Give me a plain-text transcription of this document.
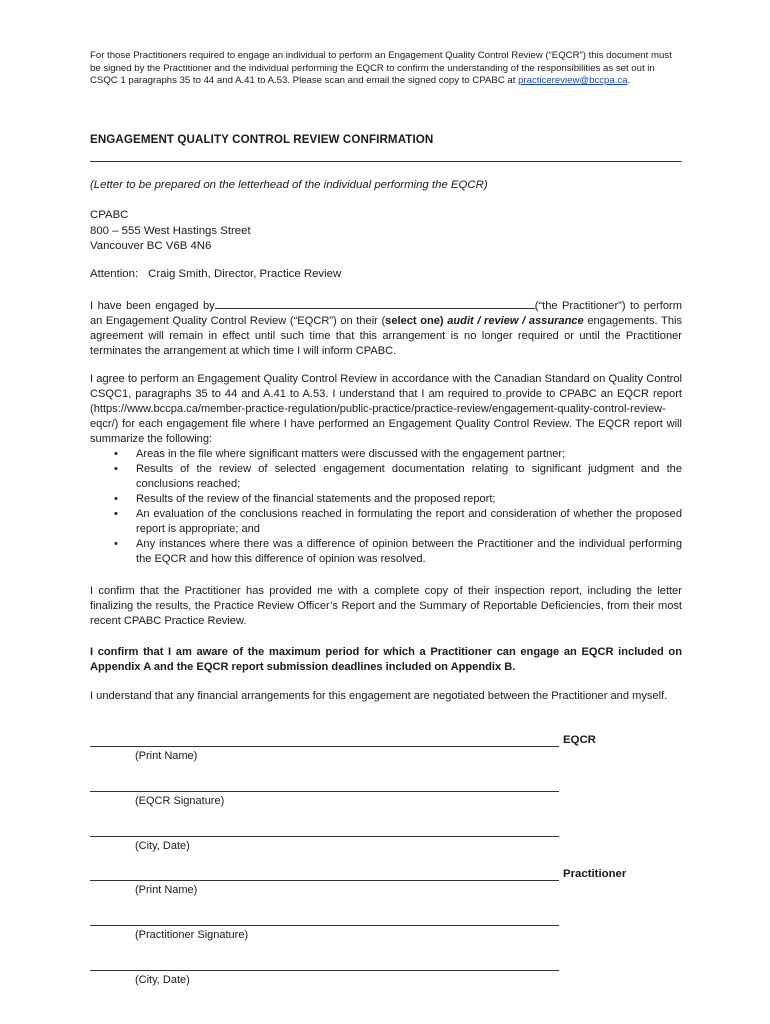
For those Practitioners required to engage an individual to perform an Engagement Quality Control Review (“EQCR”) this document must be signed by the Practitioner and the individual performing the EQCR to confirm the understanding of the responsibilities as set out in CSQC 1 paragraphs 35 to 44 and A.41 to A.53. Please scan and email the signed copy to CPABC at practicereview@bccpa.ca.
ENGAGEMENT QUALITY CONTROL REVIEW CONFIRMATION
(Letter to be prepared on the letterhead of the individual performing the EQCR)
CPABC
800 – 555 West Hastings Street
Vancouver BC V6B 4N6
Attention: Craig Smith, Director, Practice Review
I have been engaged by	(“the Practitioner”) to perform an Engagement Quality Control Review (“EQCR”) on their (select one) audit / review / assurance engagements. This agreement will remain in effect until such time that this arrangement is no longer required or until the Practitioner terminates the arrangement at which time I will inform CPABC.
I agree to perform an Engagement Quality Control Review in accordance with the Canadian Standard on Quality Control CSQC1, paragraphs 35 to 44 and A.41 to A.53. I understand that I am required to provide to CPABC an EQCR report (https://www.bccpa.ca/member-practice-regulation/public-practice/practice-review/engagement-quality-control-review-eqcr/) for each engagement file where I have performed an Engagement Quality Control Review. The EQCR report will summarize the following:
• Areas in the file where significant matters were discussed with the engagement partner;
• Results of the review of selected engagement documentation relating to significant judgment and the conclusions reached;
• Results of the review of the financial statements and the proposed report;
• An evaluation of the conclusions reached in formulating the report and consideration of whether the proposed report is appropriate; and
• Any instances where there was a difference of opinion between the Practitioner and the individual performing the EQCR and how this difference of opinion was resolved.
I confirm that the Practitioner has provided me with a complete copy of their inspection report, including the letter finalizing the results, the Practice Review Officer’s Report and the Summary of Reportable Deficiencies, from their most recent CPABC Practice Review.
I confirm that I am aware of the maximum period for which a Practitioner can engage an EQCR included on Appendix A and the EQCR report submission deadlines included on Appendix B.
I understand that any financial arrangements for this engagement are negotiated between the Practitioner and myself.
EQCR
(Print Name)
(EQCR Signature)
(City, Date)
Practitioner
(Print Name)
(Practitioner Signature)
(City, Date)
